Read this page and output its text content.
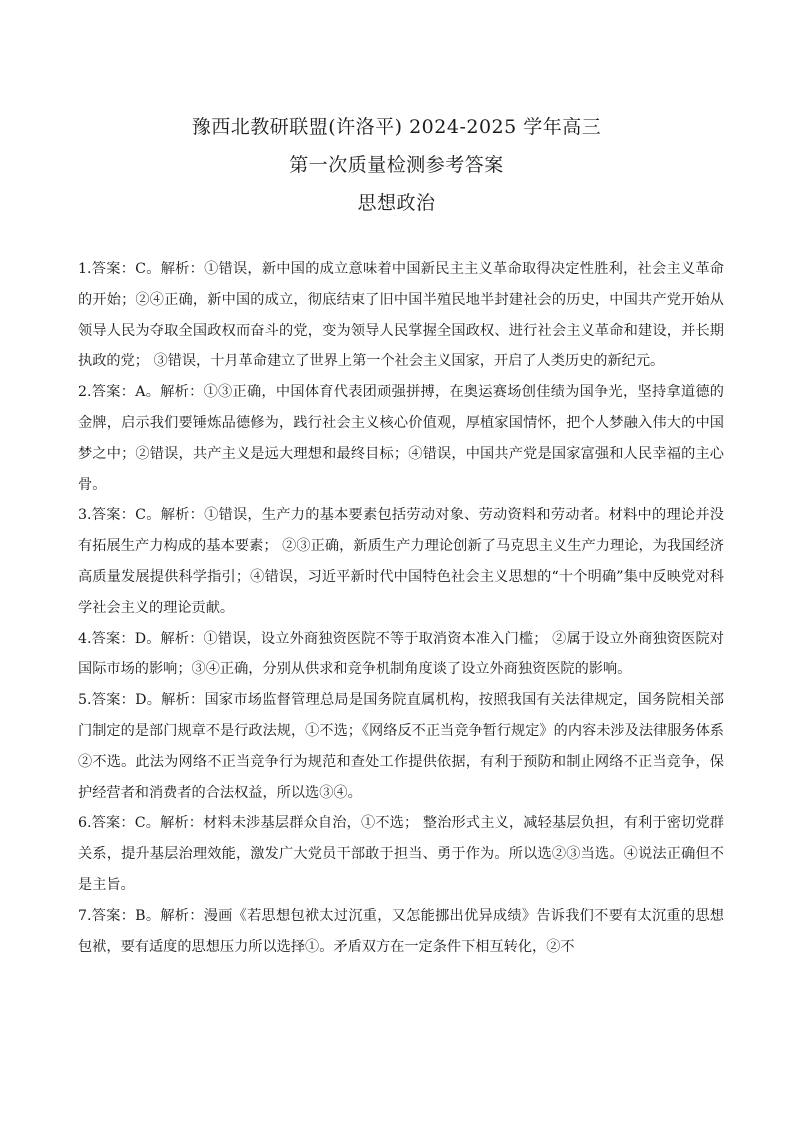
豫西北教研联盟(许洛平) 2024-2025 学年高三
第一次质量检测参考答案
思想政治

1.答案：C。解析：①错误，新中国的成立意味着中国新民主主义革命取得决定性胜利，社会主义革命的开始；②④正确，新中国的成立，彻底结束了旧中国半殖民地半封建社会的历史，中国共产党开始从领导人民为夺取全国政权而奋斗的党，变为领导人民掌握全国政权、进行社会主义革命和建设，并长期执政的党； ③错误，十月革命建立了世界上第一个社会主义国家，开启了人类历史的新纪元。

2.答案：A。解析：①③正确，中国体育代表团顽强拼搏，在奥运赛场创佳绩为国争光，坚持拿道德的金牌，启示我们要锤炼品德修为，践行社会主义核心价值观，厚植家国情怀，把个人梦融入伟大的中国梦之中；②错误，共产主义是远大理想和最终目标；④错误，中国共产党是国家富强和人民幸福的主心骨。

3.答案：C。解析：①错误，生产力的基本要素包括劳动对象、劳动资料和劳动者。材料中的理论并没有拓展生产力构成的基本要素； ②③正确，新质生产力理论创新了马克思主义生产力理论，为我国经济高质量发展提供科学指引；④错误，习近平新时代中国特色社会主义思想的“十个明确”集中反映党对科学社会主义的理论贡献。

4.答案：D。解析：①错误，设立外商独资医院不等于取消资本准入门槛； ②属于设立外商独资医院对国际市场的影响；③④正确，分别从供求和竞争机制角度谈了设立外商独资医院的影响。

5.答案：D。解析：国家市场监督管理总局是国务院直属机构，按照我国有关法律规定，国务院相关部门制定的是部门规章不是行政法规，①不选；《网络反不正当竞争暂行规定》的内容未涉及法律服务体系②不选。此法为网络不正当竞争行为规范和查处工作提供依据，有利于预防和制止网络不正当竞争，保护经营者和消费者的合法权益，所以选③④。

6.答案：C。解析：材料未涉基层群众自治，①不选； 整治形式主义，减轻基层负担，有利于密切党群关系，提升基层治理效能，激发广大党员干部敢于担当、勇于作为。所以选②③当选。④说法正确但不是主旨。

7.答案：B。解析：漫画《若思想包袱太过沉重，又怎能挪出优异成绩》告诉我们不要有太沉重的思想包袱，要有适度的思想压力所以选择①。矛盾双方在一定条件下相互转化，②不
